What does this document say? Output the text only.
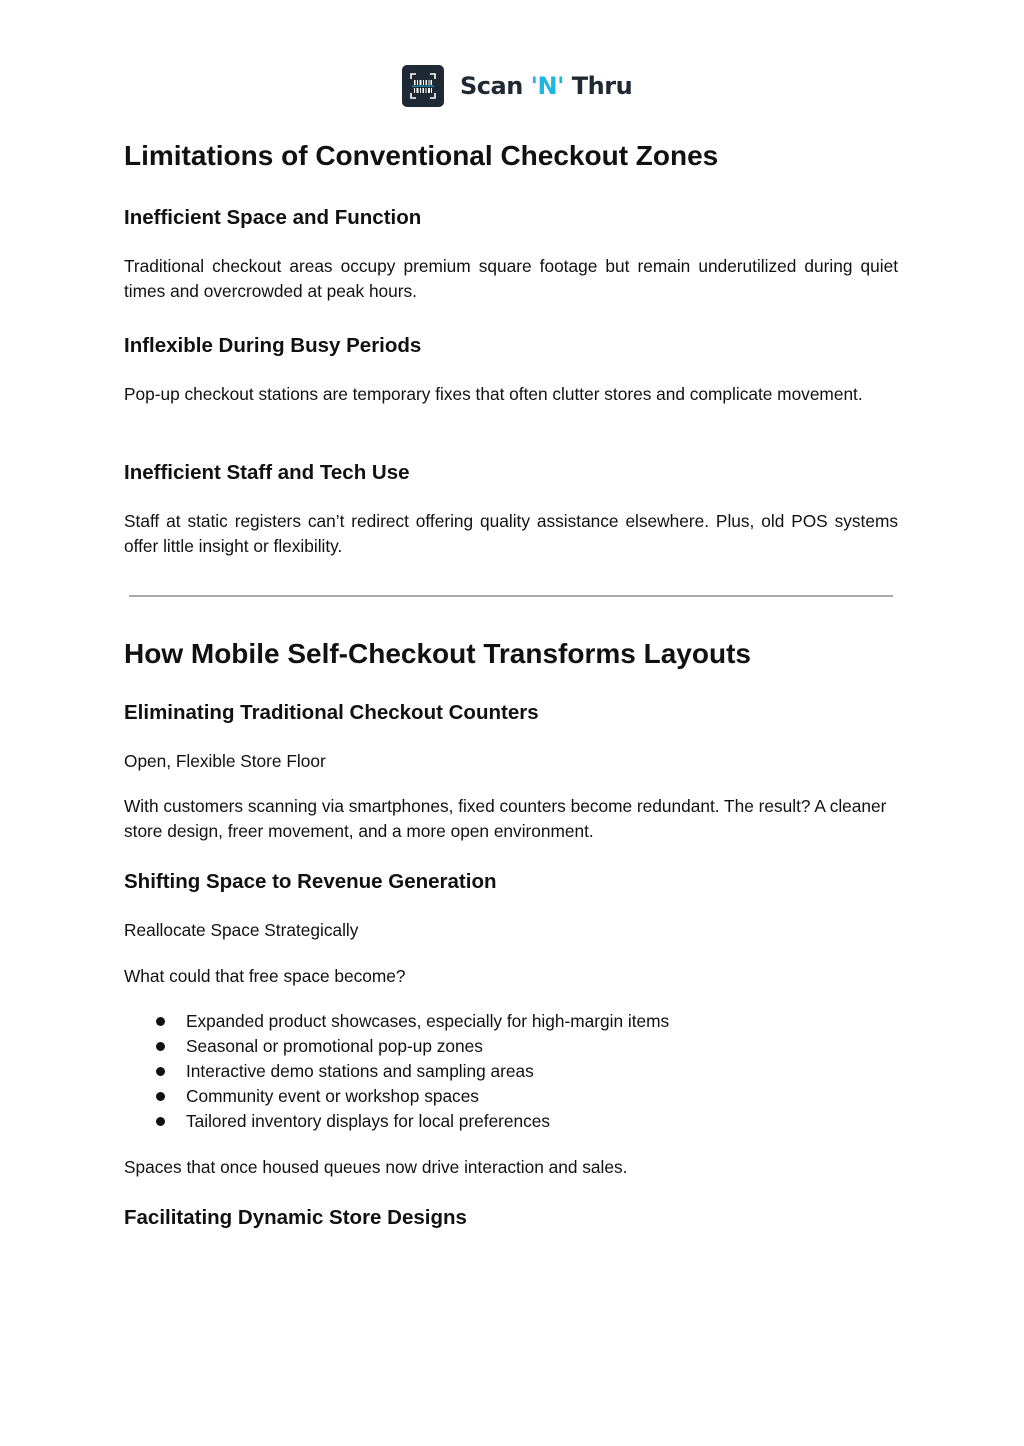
Scan 'N' Thru
Limitations of Conventional Checkout Zones
Inefficient Space and Function

Traditional checkout areas occupy premium square footage but remain underutilized during quiet times and overcrowded at peak hours.

Inflexible During Busy Periods

Pop-up checkout stations are temporary fixes that often clutter stores and complicate movement.

Inefficient Staff and Tech Use

Staff at static registers can’t redirect offering quality assistance elsewhere. Plus, old POS systems offer little insight or flexibility.

How Mobile Self-Checkout Transforms Layouts
Eliminating Traditional Checkout Counters

Open, Flexible Store Floor

With customers scanning via smartphones, fixed counters become redundant. The result? A cleaner store design, freer movement, and a more open environment.

Shifting Space to Revenue Generation

Reallocate Space Strategically

What could that free space become?

Expanded product showcases, especially for high-margin items
Seasonal or promotional pop-up zones
Interactive demo stations and sampling areas
Community event or workshop spaces
Tailored inventory displays for local preferences

Spaces that once housed queues now drive interaction and sales.

Facilitating Dynamic Store Designs
